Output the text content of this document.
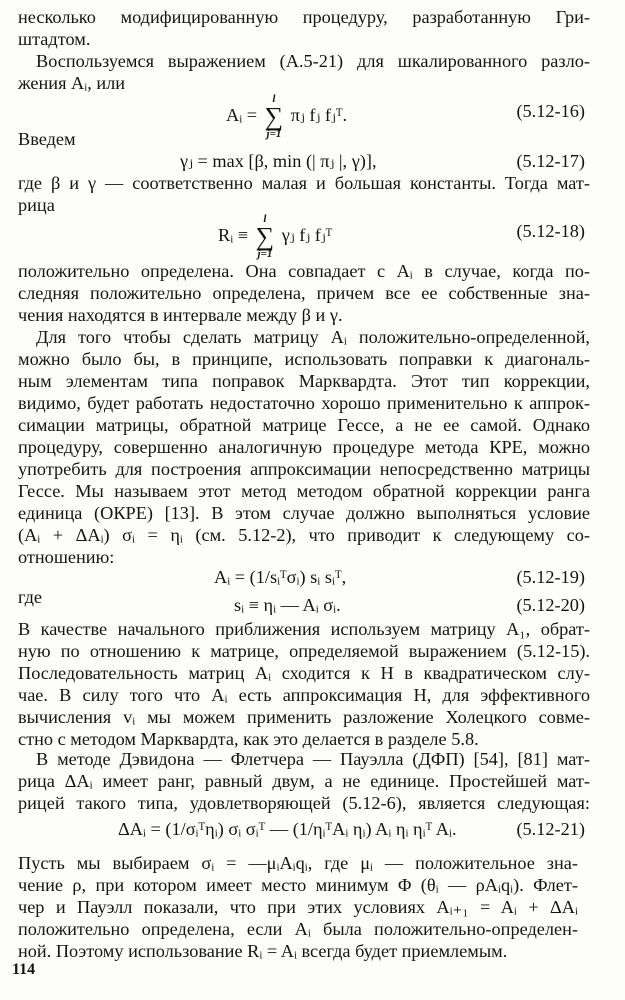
несколько модифицированную процедуру, разработанную Гри-
штадтом.
Воспользуемся выражением (А.5-21) для шкалированного разло-
жения Aᵢ, или
Aᵢ =
l
∑
j=1
πⱼ fⱼ fⱼᵀ.	(5.12-16)
Введем
γⱼ = max [β, min (| πⱼ |, γ)],	(5.12-17)
где β и γ — соответственно малая и большая константы. Тогда мат-
рица
Rᵢ ≡
l
∑
j=1
γⱼ fⱼ fⱼᵀ	(5.12-18)
положительно определена. Она совпадает с Aᵢ в случае, когда по-
следняя положительно определена, причем все ее собственные зна-
чения находятся в интервале между β и γ.
Для того чтобы сделать матрицу Aᵢ положительно-определенной,
можно было бы, в принципе, использовать поправки к диагональ-
ным элементам типа поправок Марквардта. Этот тип коррекции,
видимо, будет работать недостаточно хорошо применительно к аппрок-
симации матрицы, обратной матрице Гессе, а не ее самой. Однако
процедуру, совершенно аналогичную процедуре метода КРЕ, можно
употребить для построения аппроксимации непосредственно матрицы
Гессе. Мы называем этот метод методом обратной коррекции ранга
единица (ОКРЕ) [13]. В этом случае должно выполняться условие
(Aᵢ + ΔAᵢ) σᵢ = ηᵢ (см. 5.12-2), что приводит к следующему со-
отношению:
Aᵢ = (1/sᵢᵀσᵢ) sᵢ sᵢᵀ,	(5.12-19)
где	sᵢ ≡ ηᵢ — Aᵢ σᵢ.	(5.12-20)
В качестве начального приближения используем матрицу A₁, обрат-
ную по отношению к матрице, определяемой выражением (5.12-15).
Последовательность матриц Aᵢ сходится к H в квадратическом слу-
чае. В силу того что Aᵢ есть аппроксимация H, для эффективного
вычисления vᵢ мы можем применить разложение Холецкого совме-
стно с методом Марквардта, как это делается в разделе 5.8.
В методе Дэвидона — Флетчера — Пауэлла (ДФП) [54], [81] мат-
рица ΔAᵢ имеет ранг, равный двум, а не единице. Простейшей мат-
рицей такого типа, удовлетворяющей (5.12-6), является следующая:
ΔAᵢ = (1/σᵢᵀηᵢ) σᵢ σᵢᵀ — (1/ηᵢᵀAᵢ ηᵢ) Aᵢ ηᵢ ηᵢᵀ Aᵢ.	(5.12-21)
Пусть мы выбираем σᵢ = —μᵢAᵢqᵢ, где μᵢ — положительное зна-
чение ρ, при котором имеет место минимум Φ (θᵢ — ρAᵢqᵢ). Флет-
чер и Пауэлл показали, что при этих условиях Aᵢ₊₁ = Aᵢ + ΔAᵢ
положительно определена, если Aᵢ была положительно-определен-
ной. Поэтому использование Rᵢ = Aᵢ всегда будет приемлемым.
114
